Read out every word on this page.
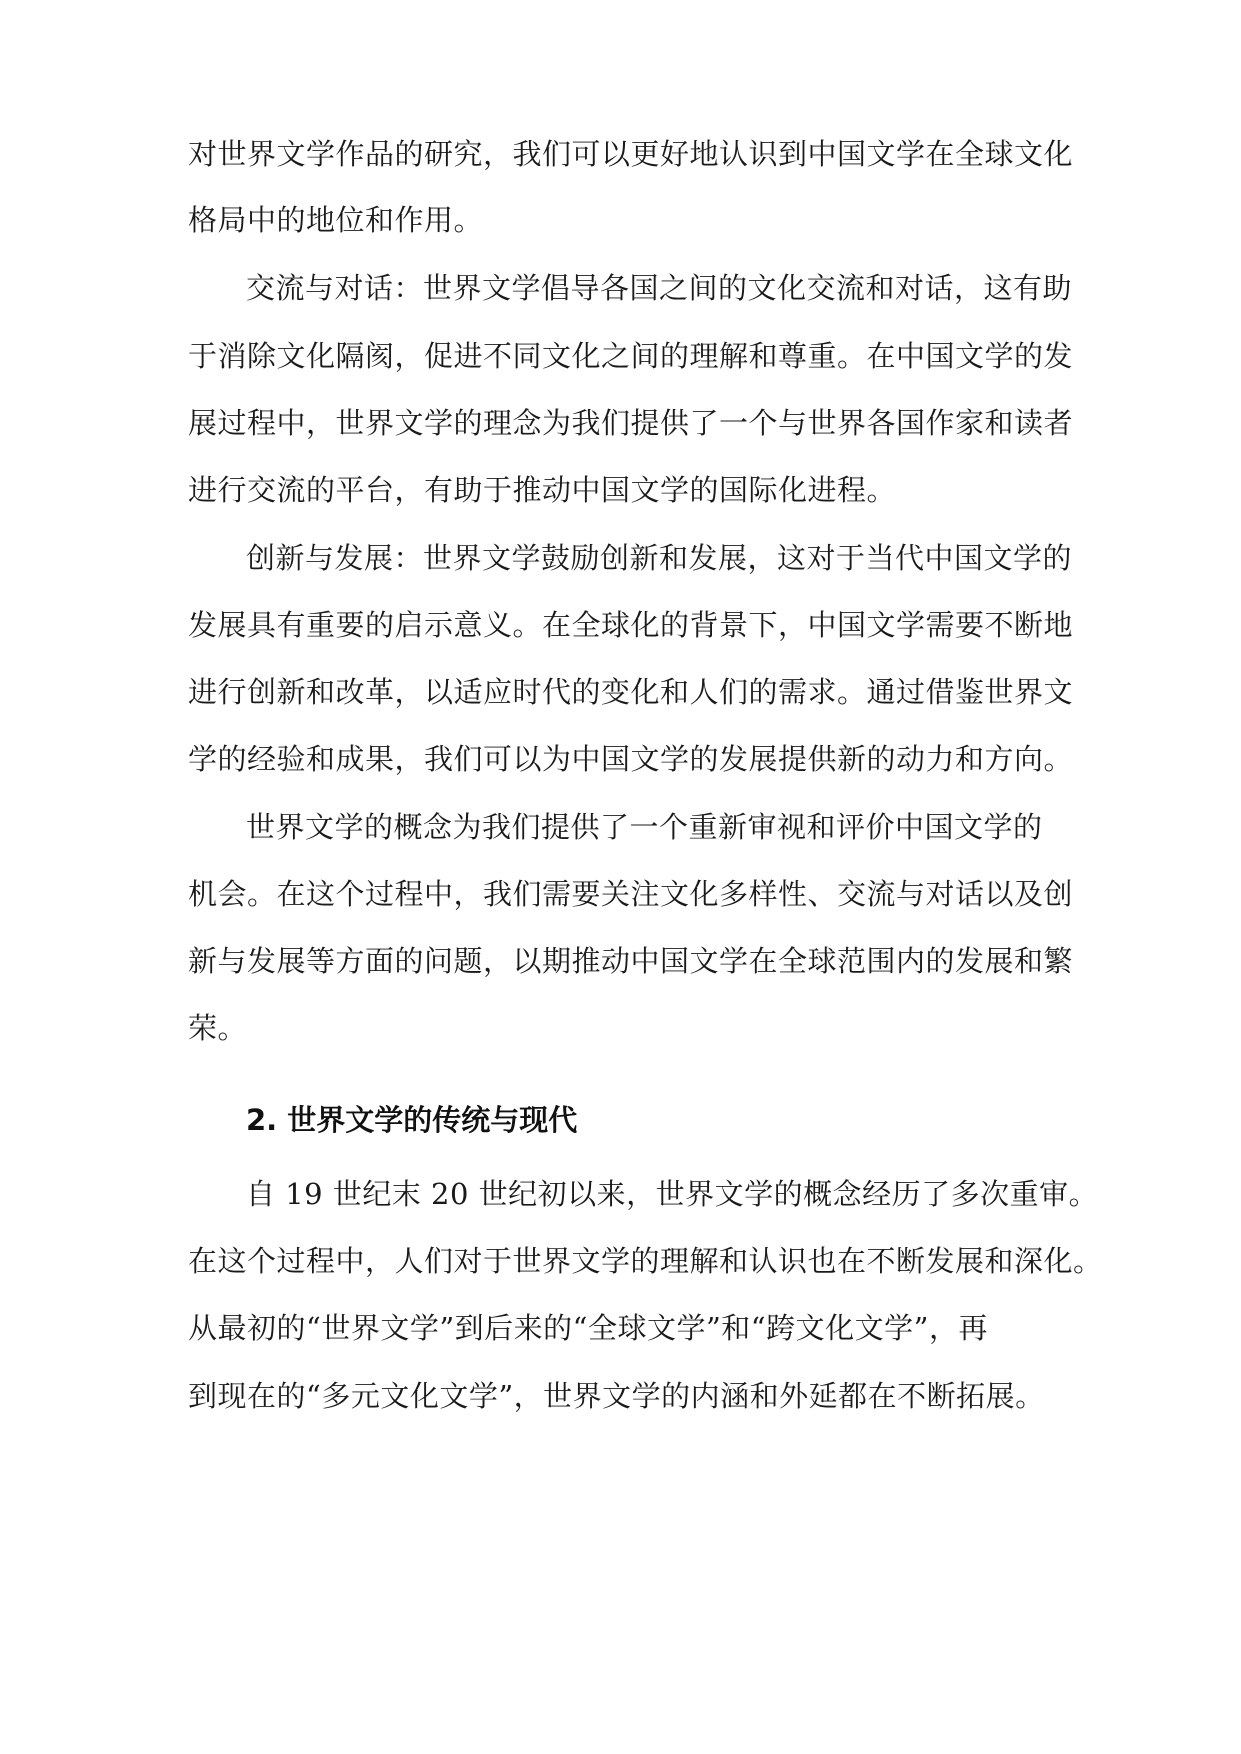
对世界文学作品的研究，我们可以更好地认识到中国文学在全球文化
格局中的地位和作用。
交流与对话：世界文学倡导各国之间的文化交流和对话，这有助
于消除文化隔阂，促进不同文化之间的理解和尊重。在中国文学的发
展过程中，世界文学的理念为我们提供了一个与世界各国作家和读者
进行交流的平台，有助于推动中国文学的国际化进程。
创新与发展：世界文学鼓励创新和发展，这对于当代中国文学的
发展具有重要的启示意义。在全球化的背景下，中国文学需要不断地
进行创新和改革，以适应时代的变化和人们的需求。通过借鉴世界文
学的经验和成果，我们可以为中国文学的发展提供新的动力和方向。
世界文学的概念为我们提供了一个重新审视和评价中国文学的
机会。在这个过程中，我们需要关注文化多样性、交流与对话以及创
新与发展等方面的问题，以期推动中国文学在全球范围内的发展和繁
荣。
2. 世界文学的传统与现代
自 19 世纪末 20 世纪初以来，世界文学的概念经历了多次重审。
在这个过程中，人们对于世界文学的理解和认识也在不断发展和深化。
从最初的“世界文学”到后来的“全球文学”和“跨文化文学”，再
到现在的“多元文化文学”，世界文学的内涵和外延都在不断拓展。
